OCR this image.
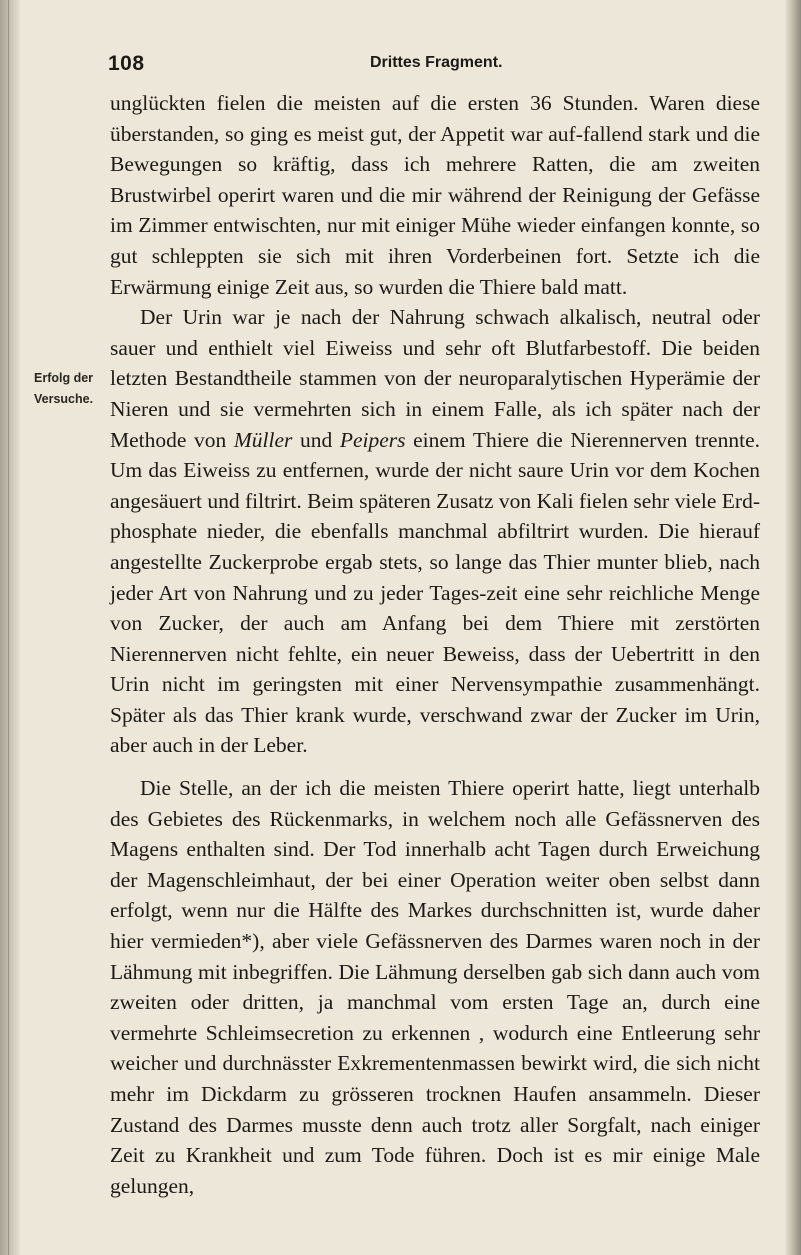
108	Drittes Fragment.
Erfolg der
Versuche.

unglückten fielen die meisten auf die ersten 36 Stunden. Waren diese überstanden, so ging es meist gut, der Appetit war auf-fallend stark und die Bewegungen so kräftig, dass ich mehrere Ratten, die am zweiten Brustwirbel operirt waren und die mir während der Reinigung der Gefässe im Zimmer entwischten, nur mit einiger Mühe wieder einfangen konnte, so gut schleppten sie sich mit ihren Vorderbeinen fort. Setzte ich die Erwärmung einige Zeit aus, so wurden die Thiere bald matt.

Der Urin war je nach der Nahrung schwach alkalisch, neutral oder sauer und enthielt viel Eiweiss und sehr oft Blutfarbestoff. Die beiden letzten Bestandtheile stammen von der neuroparalytischen Hyperämie der Nieren und sie vermehrten sich in einem Falle, als ich später nach der Methode von Müller und Peipers einem Thiere die Nierennerven trennte. Um das Eiweiss zu entfernen, wurde der nicht saure Urin vor dem Kochen angesäuert und filtrirt. Beim späteren Zusatz von Kali fielen sehr viele Erd-phosphate nieder, die ebenfalls manchmal abfiltrirt wurden. Die hierauf angestellte Zuckerprobe ergab stets, so lange das Thier munter blieb, nach jeder Art von Nahrung und zu jeder Tages-zeit eine sehr reichliche Menge von Zucker, der auch am Anfang bei dem Thiere mit zerstörten Nierennerven nicht fehlte, ein neuer Beweiss, dass der Uebertritt in den Urin nicht im geringsten mit einer Nervensympathie zusammenhängt. Später als das Thier krank wurde, verschwand zwar der Zucker im Urin, aber auch in der Leber.

Die Stelle, an der ich die meisten Thiere operirt hatte, liegt unterhalb des Gebietes des Rückenmarks, in welchem noch alle Gefässnerven des Magens enthalten sind. Der Tod innerhalb acht Tagen durch Erweichung der Magenschleimhaut, der bei einer Operation weiter oben selbst dann erfolgt, wenn nur die Hälfte des Markes durchschnitten ist, wurde daher hier vermieden*), aber viele Gefässnerven des Darmes waren noch in der Lähmung mit inbegriffen. Die Lähmung derselben gab sich dann auch vom zweiten oder dritten, ja manchmal vom ersten Tage an, durch eine vermehrte Schleimsecretion zu erkennen , wodurch eine Entleerung sehr weicher und durchnässter Exkrementenmassen bewirkt wird, die sich nicht mehr im Dickdarm zu grösseren trocknen Haufen ansammeln. Dieser Zustand des Darmes musste denn auch trotz aller Sorgfalt, nach einiger Zeit zu Krankheit und zum Tode führen. Doch ist es mir einige Male gelungen,
